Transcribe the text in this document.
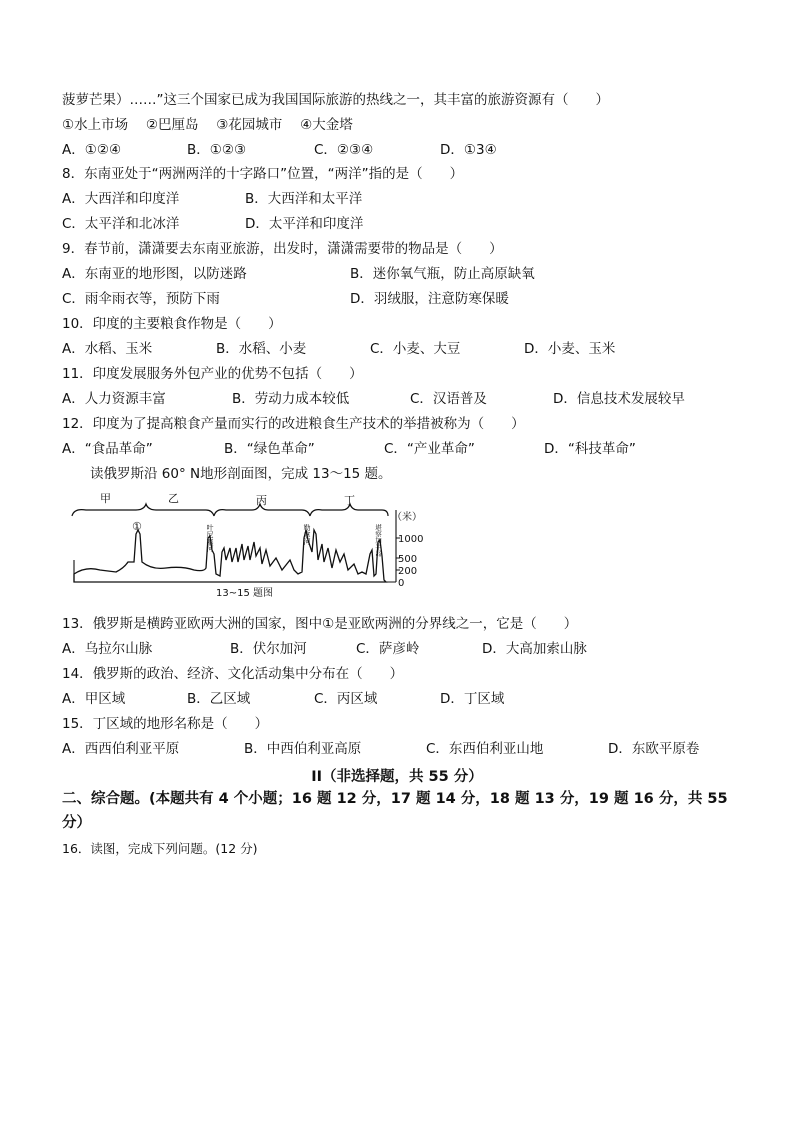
菠萝芒果）……”这三个国家已成为我国国际旅游的热线之一，其丰富的旅游资源有（　　）
①水上市场　 ②巴厘岛　 ③花园城市　 ④大金塔
A．①②④	B．①②③	C．②③④	D．①3④
8．东南亚处于“两洲两洋的十字路口”位置，“两洋”指的是（　　）
A．大西洋和印度洋	B．大西洋和太平洋
C．太平洋和北冰洋	D．太平洋和印度洋
9．春节前，潇潇要去东南亚旅游，出发时，潇潇需要带的物品是（　　）
A．东南亚的地形图，以防迷路	B．迷你氧气瓶，防止高原缺氧
C．雨伞雨衣等，预防下雨	D．羽绒服，注意防寒保暖
10．印度的主要粮食作物是（　　）
A．水稻、玉米	B．水稻、小麦	C．小麦、大豆	D．小麦、玉米
11．印度发展服务外包产业的优势不包括（　　）
A．人力资源丰富	B．劳动力成本较低	C．汉语普及	D．信息技术发展较早
12．印度为了提高粮食产量而实行的改进粮食生产技术的举措被称为（　　）
A．“食品革命”	B．“绿色革命”	C．“产业革命”	D．“科技革命”
读俄罗斯沿 60° N地形剖面图，完成 13～15 题。
甲	乙	丙	丁
①	叶尼塞河	勒拿河	堪察加半岛
（米）
1000
500
200
0
13~15 题图
13．俄罗斯是横跨亚欧两大洲的国家，图中①是亚欧两洲的分界线之一，它是（　　）
A．乌拉尔山脉	B．伏尔加河	C．萨彦岭	D．大高加索山脉
14．俄罗斯的政治、经济、文化活动集中分布在（　　）
A．甲区域	B．乙区域	C．丙区域	D．丁区域
15．丁区域的地形名称是（　　）
A．西西伯利亚平原	B．中西伯利亚高原	C．东西伯利亚山地	D．东欧平原卷
II（非选择题，共 55 分）
二、综合题。(本题共有 4 个小题；16 题 12 分，17 题 14 分，18 题 13 分，19 题 16 分，共 55
分）
16．读图，完成下列问题。(12 分)
